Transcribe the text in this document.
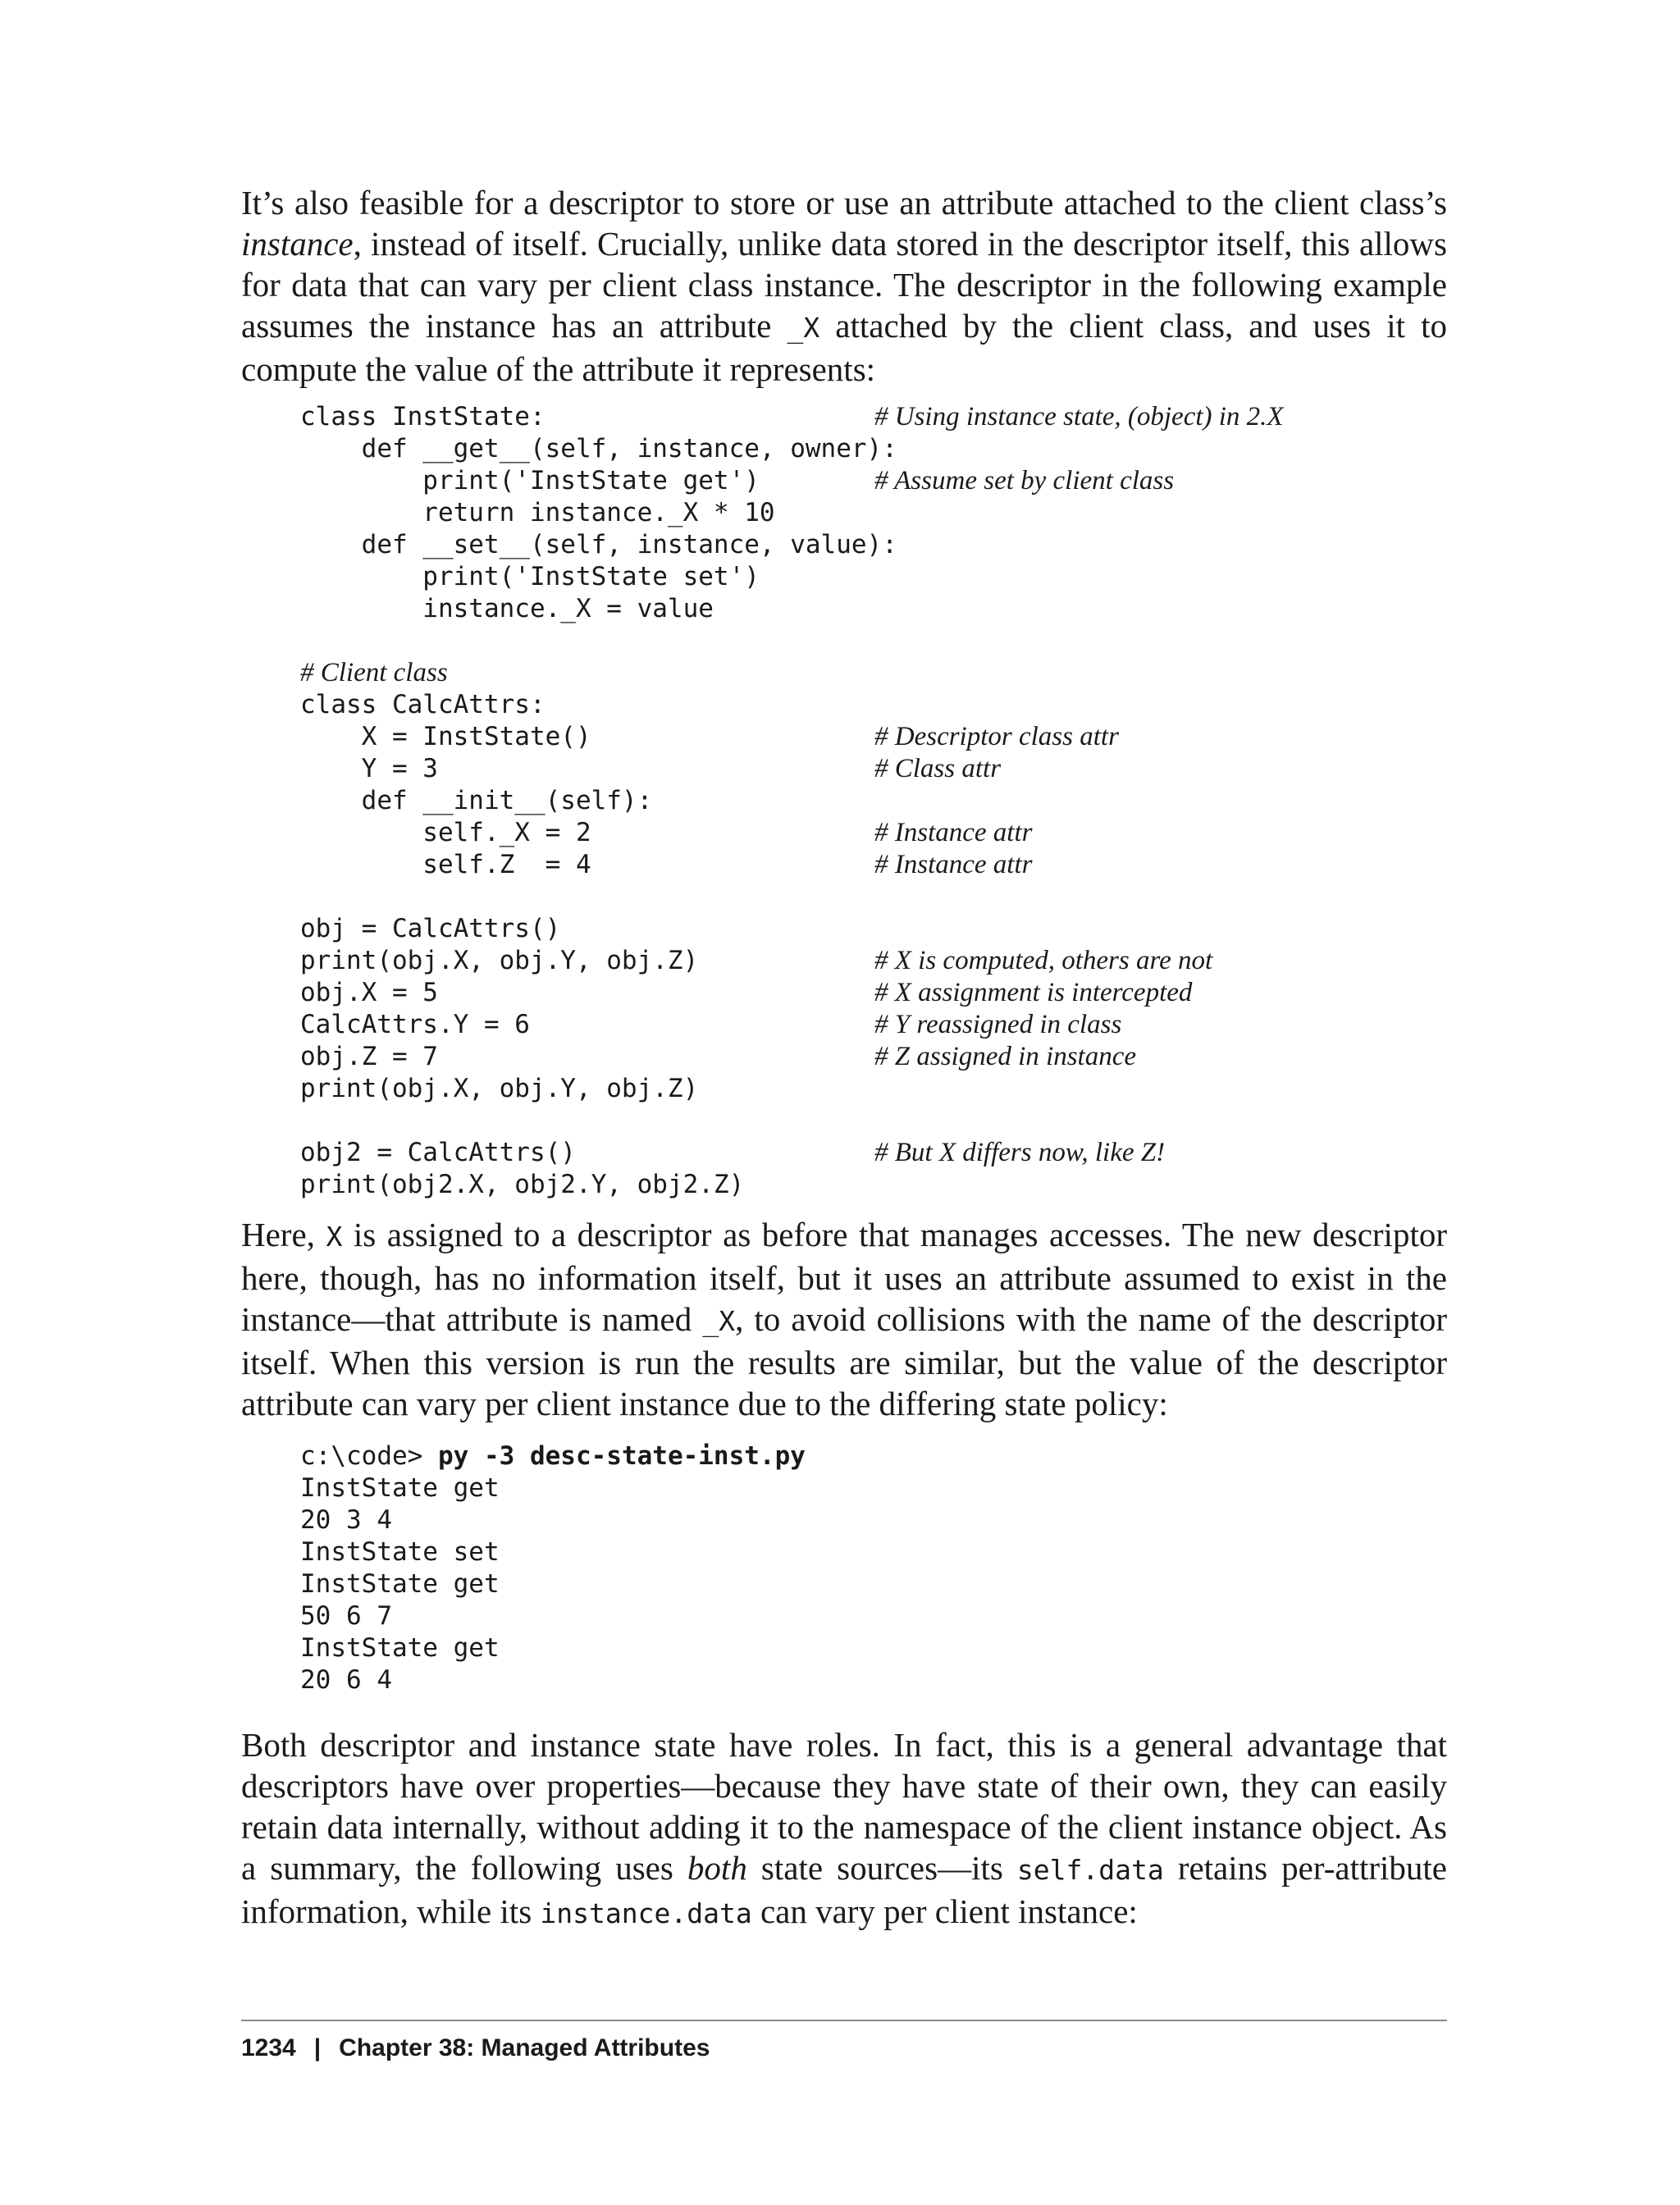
It’s also feasible for a descriptor to store or use an attribute attached to the client class’s instance, instead of itself. Crucially, unlike data stored in the descriptor itself, this allows for data that can vary per client class instance. The descriptor in the following example assumes the instance has an attribute _X attached by the client class, and uses it to compute the value of the attribute it represents:

class InstState:	# Using instance state, (object) in 2.X
def __get__(self, instance, owner):
print('InstState get')	# Assume set by client class
return instance._X * 10
def __set__(self, instance, value):
print('InstState set')
instance._X = value
# Client class
class CalcAttrs:
X = InstState()	# Descriptor class attr
Y = 3	# Class attr
def __init__(self):
self._X = 2	# Instance attr
self.Z  = 4	# Instance attr
obj = CalcAttrs()
print(obj.X, obj.Y, obj.Z)	# X is computed, others are not
obj.X = 5	# X assignment is intercepted
CalcAttrs.Y = 6	# Y reassigned in class
obj.Z = 7	# Z assigned in instance
print(obj.X, obj.Y, obj.Z)
obj2 = CalcAttrs()	# But X differs now, like Z!
print(obj2.X, obj2.Y, obj2.Z)

Here, X is assigned to a descriptor as before that manages accesses. The new descriptor here, though, has no information itself, but it uses an attribute assumed to exist in the instance—that attribute is named _X, to avoid collisions with the name of the descriptor itself. When this version is run the results are similar, but the value of the descriptor attribute can vary per client instance due to the differing state policy:

c:\code> py -3 desc-state-inst.py
InstState get
20 3 4
InstState set
InstState get
50 6 7
InstState get
20 6 4

Both descriptor and instance state have roles. In fact, this is a general advantage that descriptors have over properties—because they have state of their own, they can easily retain data internally, without adding it to the namespace of the client instance object. As a summary, the following uses both state sources—its self.data retains per-attribute information, while its instance.data can vary per client instance:

1234 | Chapter 38: Managed Attributes
